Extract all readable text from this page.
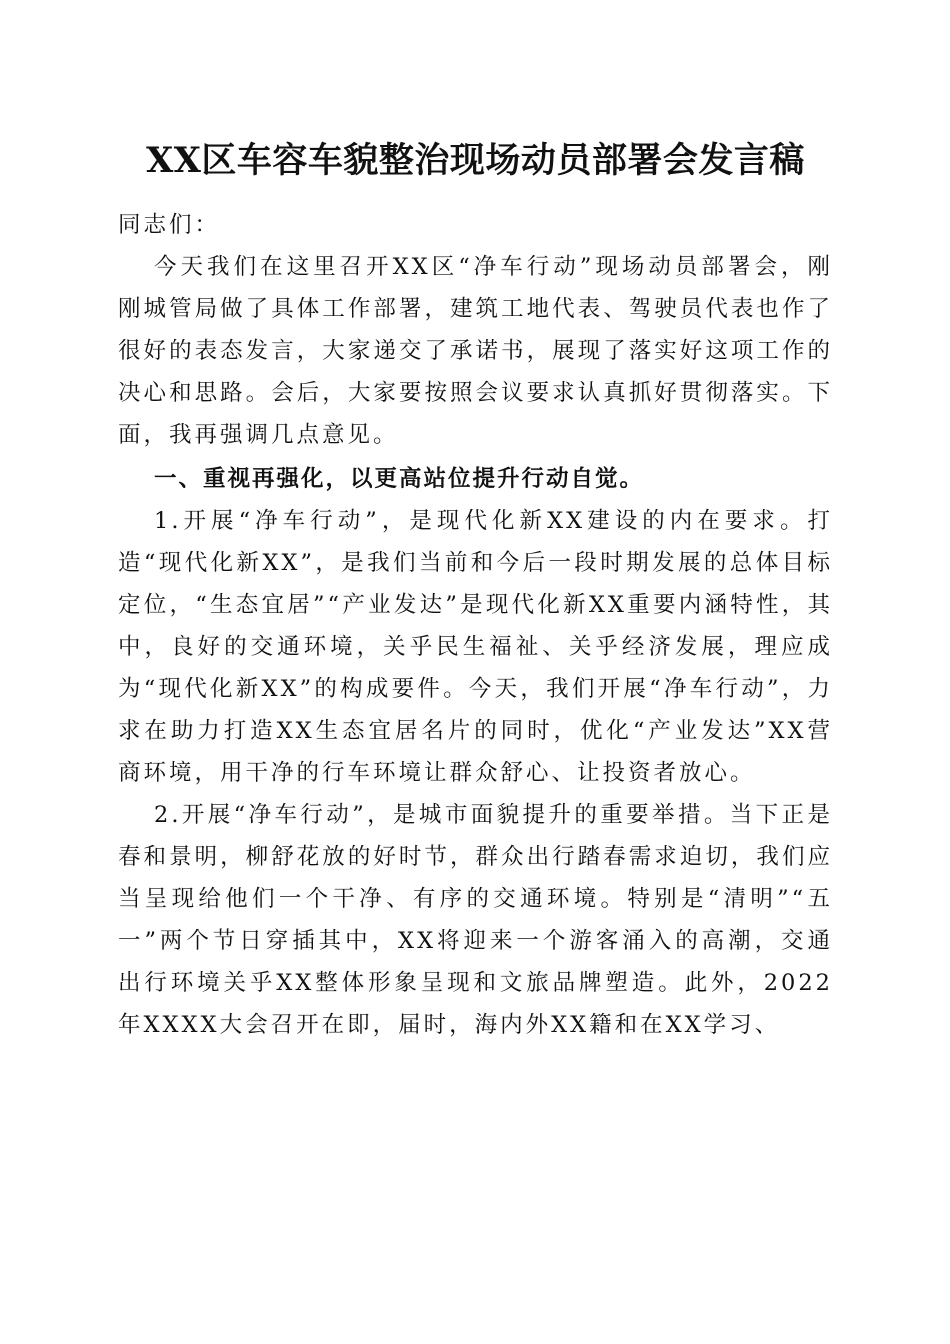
XX区车容车貌整治现场动员部署会发言稿

同志们：

今天我们在这里召开XX区“净车行动”现场动员部署会，刚刚城管局做了具体工作部署，建筑工地代表、驾驶员代表也作了很好的表态发言，大家递交了承诺书，展现了落实好这项工作的决心和思路。会后，大家要按照会议要求认真抓好贯彻落实。下面，我再强调几点意见。

一、重视再强化，以更高站位提升行动自觉。

1.开展“净车行动”，是现代化新XX建设的内在要求。打造“现代化新XX”，是我们当前和今后一段时期发展的总体目标定位，“生态宜居”“产业发达”是现代化新XX重要内涵特性，其中，良好的交通环境，关乎民生福祉、关乎经济发展，理应成为“现代化新XX”的构成要件。今天，我们开展“净车行动”，力求在助力打造XX生态宜居名片的同时，优化“产业发达”XX营商环境，用干净的行车环境让群众舒心、让投资者放心。

2.开展“净车行动”，是城市面貌提升的重要举措。当下正是春和景明，柳舒花放的好时节，群众出行踏春需求迫切，我们应当呈现给他们一个干净、有序的交通环境。特别是“清明”“五一”两个节日穿插其中，XX将迎来一个游客涌入的高潮，交通出行环境关乎XX整体形象呈现和文旅品牌塑造。此外，2022年XXXX大会召开在即，届时，海内外XX籍和在XX学习、
